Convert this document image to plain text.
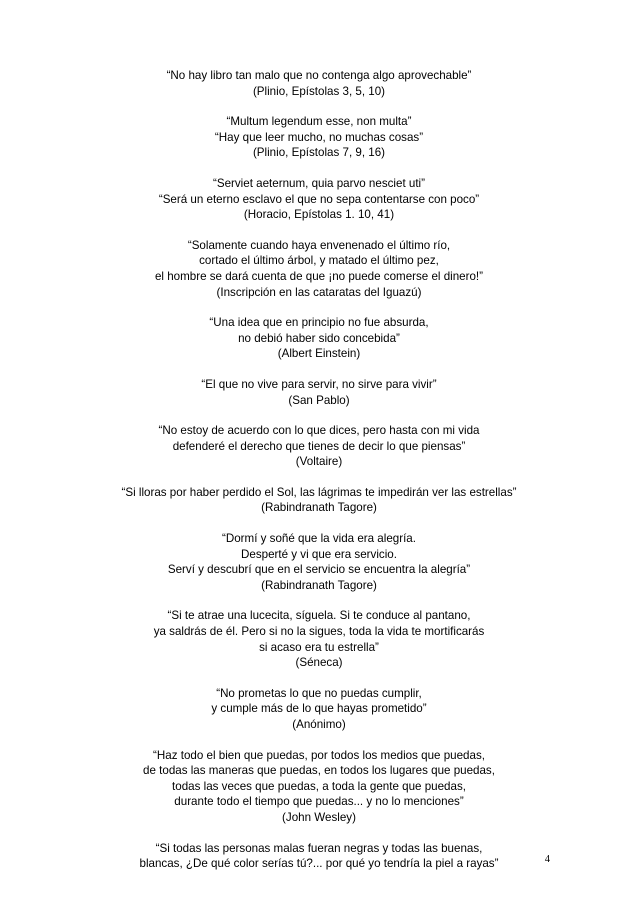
“No hay libro tan malo que no contenga algo aprovechable”
(Plinio, Epístolas 3, 5, 10)
“Multum legendum esse, non multa”
“Hay que leer mucho, no muchas cosas”
(Plinio, Epístolas 7, 9, 16)
“Serviet aeternum, quia parvo nesciet uti”
“Será un eterno esclavo el que no sepa contentarse con poco”
(Horacio, Epístolas 1. 10, 41)
“Solamente cuando haya envenenado el último río,
cortado el último árbol, y matado el último pez,
el hombre se dará cuenta de que ¡no puede comerse el dinero!”
(Inscripción en las cataratas del Iguazú)
“Una idea que en principio no fue absurda,
no debió haber sido concebida”
(Albert Einstein)
“El que no vive para servir, no sirve para vivir”
(San Pablo)
“No estoy de acuerdo con lo que dices, pero hasta con mi vida
defenderé el derecho que tienes de decir lo que piensas”
(Voltaire)
“Si lloras por haber perdido el Sol, las lágrimas te impedirán ver las estrellas”
(Rabindranath Tagore)
“Dormí y soñé que la vida era alegría.
Desperté y vi que era servicio.
Serví y descubrí que en el servicio se encuentra la alegría”
(Rabindranath Tagore)
“Si te atrae una lucecita, síguela. Si te conduce al pantano,
ya saldrás de él. Pero si no la sigues, toda la vida te mortificarás
si acaso era tu estrella”
(Séneca)
“No prometas lo que no puedas cumplir,
y cumple más de lo que hayas prometido”
(Anónimo)
“Haz todo el bien que puedas, por todos los medios que puedas,
de todas las maneras que puedas, en todos los lugares que puedas,
todas las veces que puedas, a toda la gente que puedas,
durante todo el tiempo que puedas... y no lo menciones”
(John Wesley)
“Si todas las personas malas fueran negras y todas las buenas,
blancas, ¿De qué color serías tú?... por qué yo tendría la piel a rayas”	4
